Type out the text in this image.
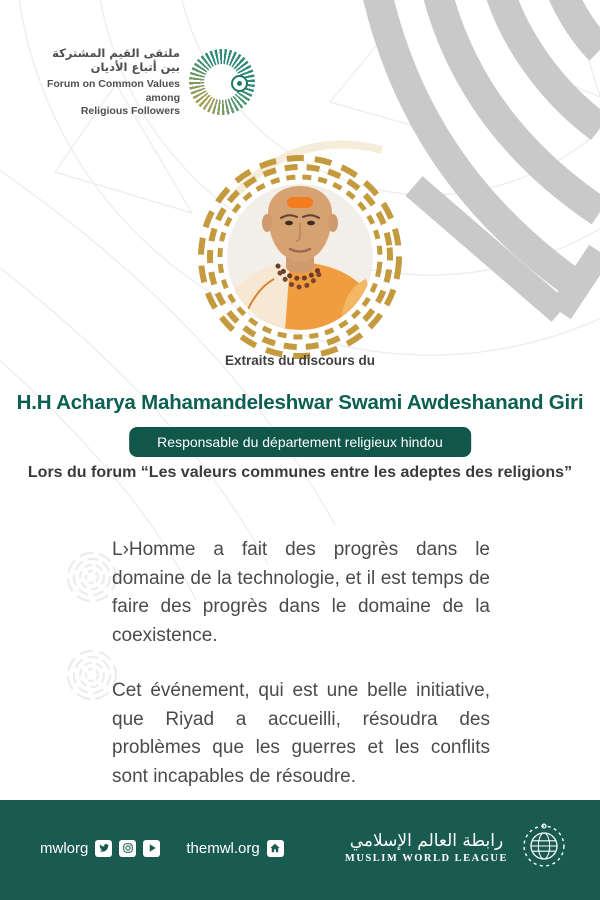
ملتقى القيم المشتركة بين أتباع الأديان
Forum on Common Values among
Religious Followers
Extraits du discours du
H.H Acharya Mahamandeleshwar Swami Awdeshanand Giri
Responsable du département religieux hindou
Lors du forum “Les valeurs communes entre les adeptes des religions”

L›Homme a fait des progrès dans le domaine de la technologie, et il est temps de faire des progrès dans le domaine de la coexistence.

Cet événement, qui est une belle initiative, que Riyad a accueilli, résoudra des problèmes que les guerres et les conflits sont incapables de résoudre.

mwlorg	themwl.org	رابطة العالم الإسلامي
MUSLIM WORLD LEAGUE
